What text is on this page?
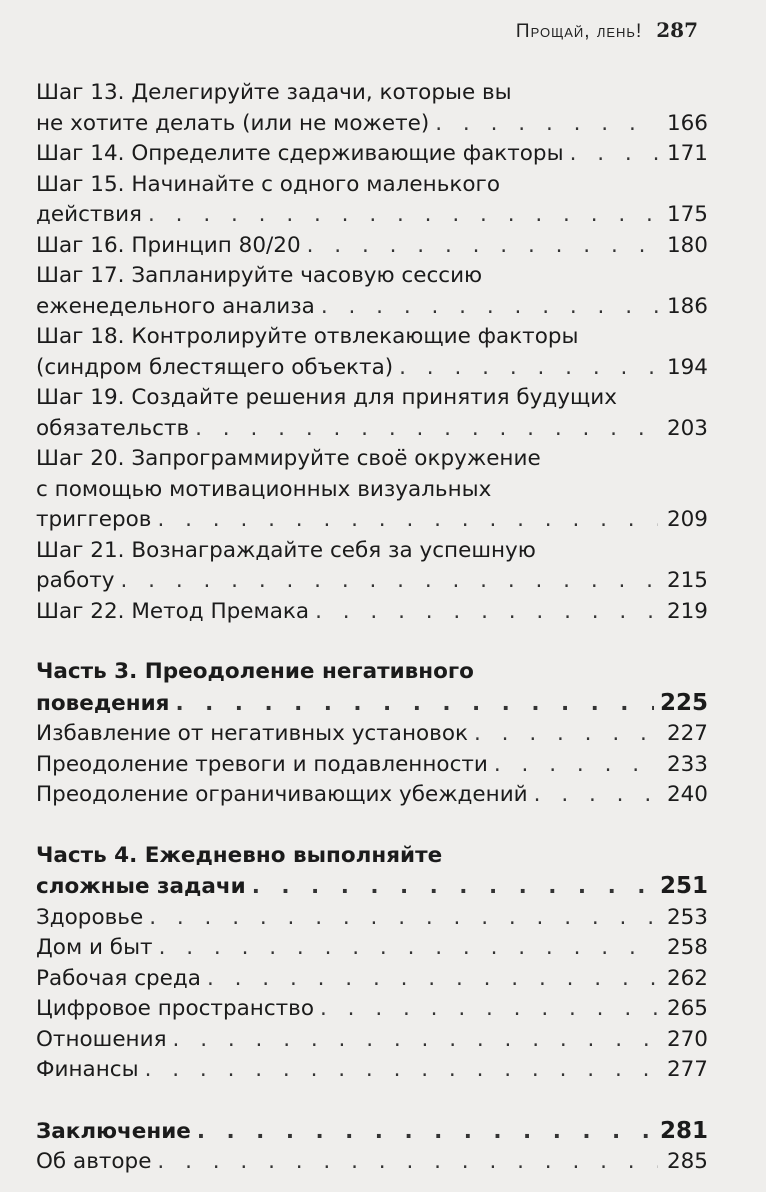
Прощай, лень! 287
Шаг 13. Делегируйте задачи, которые вы
не хотите делать (или не можете) . . .	166
Шаг 14. Определите сдерживающие факторы . . .	171
Шаг 15. Начинайте с одного маленького
действия . . .	175
Шаг 16. Принцип 80/20 . . .	180
Шаг 17. Запланируйте часовую сессию
еженедельного анализа . . .	186
Шаг 18. Контролируйте отвлекающие факторы
(синдром блестящего объекта) . . .	194
Шаг 19. Создайте решения для принятия будущих
обязательств . . .	203
Шаг 20. Запрограммируйте своё окружение
с помощью мотивационных визуальных
триггеров . . .	209
Шаг 21. Вознаграждайте себя за успешную
работу . . .	215
Шаг 22. Метод Премака . . .	219
Часть 3. Преодоление негативного
поведения . . .	225
Избавление от негативных установок . . .	227
Преодоление тревоги и подавленности . . .	233
Преодоление ограничивающих убеждений . . .	240
Часть 4. Ежедневно выполняйте
сложные задачи . . .	251
Здоровье . . .	253
Дом и быт . . .	258
Рабочая среда . . .	262
Цифровое пространство . . .	265
Отношения . . .	270
Финансы . . .	277
Заключение . . .	281
Об авторе . . .	285
